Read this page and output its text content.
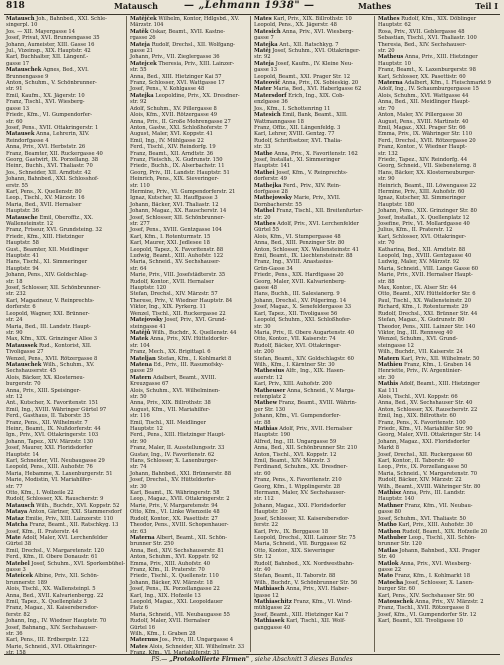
818	Matausch	— „Lehmann 1938" —	Mathes	Teil I
Matausch Joh., Bahnbed., XXI. Schle-
singerpl. 10
Jos. — XII. Mayergasse 14
Josef, Privat, XVI. Brunnengasse 35
Johann, Aumeister, XIII. Gasse 16
Jul., Vizeinsp., XIX. Hauptstr. 42
Karl, Buchhalter, XII. Längenf.-
gasse 17
Matauschek Agnes, Bed., XVI.
Brunnengasse 9
Anton, Schuhm., V. Schönbrunner-
str. 91
Emil, Kaufm., XX. Jägerstr. 10
Franz, Tischl., XVI. Wiesberg-
gasse 13
Friedr., Kfm., VI. Gumpendorfer-
str. 60
Josef, Pens., XVII. Ottakringerstr. 1
Matausek Anna, Lehrerin, XIV.
Reindorfgasse 4
Anna, Priv., XVI. Herbststr. 26
Franz, Beamter, XII. Ruckergasse 40
Georg, Gastwirt, IX. Porzellang. 38
Heinr., Buchh., XVI. Thaliastr. 70
Jos., Schneider, XII. Arndtstr. 42
Johann, Bahnbed., XXI. Schlosshof-
erstr. 55
Karl, Pens., X. Quellenstr. 80
Leop., Tischl., XV. Märzstr. 16
Maria, Bed., XVII. Hernalser
Hauptstr. 36
Matausche Emil, Oberoffiz., XX.
Wallensteinstr. 12
Franz, Friseur, XVI. Grundsteing. 32
Friedr., Kfm., XIII. Hietzinger
Hauptstr. 58
Gust., Beamter, XII. Meidlinger
Hauptstr. 41
Hans, Tischl., XI. Simmeringer
Hauptstr. 94
Johann, Pens., XIV. Goldschlag-
str. 18
Josef, Schlosser, XII. Schönbrunner-
str. 232
Karl, Magazineur, V. Reinprechts-
dorferstr. 6
Leopold, Wagner, XXI. Brünner-
str. 24
Maria, Bed., III. Landstr. Haupt-
str. 90
Max, Kfm., XIX. Grinzinger Allee 3
Mataussek Rud., Kontorist, XII.
Tivoligasse 27
Wenzel, Pens., XVII. Rötzergasse 8
Matauschek Wilh., Schuhm., XV.
Sechshauserstr. 45
Alois, Bäcker, XX. Klosterneu-
burgerstr. 70
Anna, Priv., XIII. Speisinger-
str. 12
Ant., Kutscher, X. Favoritenstr. 151
Emil, Ing., XVIII. Währinger Gürtel 97
Ferd., Gasthaus, II. Taborstr. 35
Franz, Pens., XII. Wilhelmstr. 7
Heinr., Beamt., IX. Nußdorferstr. 44
Ign., Priv., XVI. Ottakringerstr. 103
Johann, Tapez., XIV. Märzstr. 130
Josef, Maurer, XXI. Floridsdorfer
Hauptstr. 14
Karl, Schneider, VII. Neubaugasse 29
Leopold, Pens., XIII. Auhofstr. 76
Maria, Hebamme, X. Laxenburgerstr. 51
Marie, Modistin, VI. Mariahilfer-
str. 77
Otto, Kfm., I. Wollzeile 22
Rudolf, Schlosser, XX. Rauscherstr. 9
Matausch Wilh., Buchdr., XVI. Koppstr. 52
Mataya Anton, Gärtner, XXI. Stammersdorf
Mataz Emilie, Priv., XIII. Lainzerstr. 110
Matcha Franz, Beamt., XII. Ratschkyg. 13
Josef, Kfm., II. Praterstr. 44
Mate Adolf, Maler, XVI. Lerchenfelder
Gürtel 38
Emil, Drechsl., V. Margaretenstr. 120
Ferd., Kfm., II. Obere Donaustr. 61
Matebel Josef, Schuhm., XVI. Sporkenbühel-
gasse 3
Mateicek Albine, Priv., XII. Schön-
brunnerstr. 189
Alois, Tischl., XX. Wallensteinpl. 5
Anna, Bed., XVII. Kalvarienbergg. 22
Emil, Tapez., X. Quellenplatz 3
Franz, Magaz., XI. Kaiserebersdor-
ferstr. 82
Johann, Ing., IV. Wiedner Hauptstr. 70
Josef, Bahnang., XIV. Sechshauser-
str. 36
Karl, Pens., III. Erdbergstr. 122
Marie, Schneid., XVI. Ottakringer-
str. 158
Matějček Wilhelm, Kontor, Hdlgsbd., XV.
Märzstr. 104
Matěk Oskar, Beamt., XVII. Kastne-
rgasse 26
Mateja Rudolf, Drechsl., XII. Wolfgang-
gasse 21
Johann, Priv., VII. Zieglergasse 36
Matejcek Theresia, Priv., XIII. Lainzer-
str. 55
Anna, Bed., XIII. Hietzinger Kai 57
Franz, Schlosser, XVI. Wattgasse 17
Josef, Pens., V. Kohlgasse 48
Matejka Leopoldine, Priv., XX. Dresdner-
str. 92
Adolf, Schuhm., XV. Pillergasse 8
Alois, Kfm., XVII. Rötzergasse 49
Anna, Priv., II. Große Mohrengasse 27
Anton, Gastw., XXI. Schloßhoferstr. 7
August, Maler, XVI. Koppstr. 41
Emil, Ing., IV. Mühlgasse 22
Ferd., Tischl., XIV. Reindorfg. 19
Franz, Beamt., XII. Arndtstr. 36
Franz, Fleischh., X. Gudrunstr. 150
Friedr., Buchh., IX. Alserbachstr. 11
Georg, Priv., III. Landstr. Hauptstr. 51
Heinrich, Pens., XIX. Sieveringer-
str. 110
Hermine, Priv., VI. Gumpendorferstr. 21
Ignaz, Kutscher, XI. Hauffgasse 3
Johann, Bäcker, XVI. Thaliastr. 12
Johann, Magaz., XX. Rauscherstr. 14
Josef, Schlosser, XII. Schönbrunner-
str. 277
Josef, Pens., XVIII. Gentzgasse 104
Karl, Kfm., I. Rotenturmstr. 15
Karl, Maurer, XXI. Jedlesee 18
Leopold, Tapez., X. Favoritenstr. 88
Ludwig, Beamt., XIII. Auhofstr. 122
Maria, Schneid., XV. Sechshauser-
str. 64
Marie, Priv., VIII. Josefstädterstr. 35
Rudolf, Kontor., XVII. Hernalser
Hauptstr. 120
Stefan, Drechsl., XIV. Märzstr. 57
Therese, Priv., V. Wiedner Hauptstr. 84
Viktor, Ing., XIX. Pyrkerg. 11
Wenzel, Tischl., XII. Ruckergasse 22
Matejovsky Josef, Priv., XVI. Grund-
steingasse 41
Matějů Wilh., Buchdr., X. Quellenstr. 44
Matek Anna, Priv., XIV. Hütteldorfer-
str. 104
Franz, Mech., XX. Brigittapl. 6
Mateljan Stefan, Kfm., I. Kohlmarkt 8
Matena Ed., Priv., III. Rasumofsky-
gasse 29
Matern Adalbert, Beamt., XVIII.
Kreuzgasse 67
Alois, Schuhm., XVI. Wilhelminen-
str. 50
Anna, Priv., XIX. Billrothstr. 38
August, Kfm., VII. Mariahilfer-
str. 116
Emil, Tischl., XII. Meidlinger
Hauptstr. 12
Ferd., Pens., XIII. Hietzinger Haupt-
str. 90
Franz, Maler, II. Ausstellungsstr. 33
Gustav, Ing., IV. Favoritenstr. 62
Hans, Schlosser, X. Laxenburger-
str. 74
Johann, Bahnbed., XXI. Brünnerstr. 88
Josef, Drechsl., XV. Hütteldorfer-
str. 30
Karl, Beamt., IX. Währingerstr. 58
Leop., Magaz., XVII. Ottakringerstr. 2
Marie, Priv., V. Margaretenstr. 94
Otto, Kfm., VI. Linke Wienzeile 48
Rudolf, Kontor., XX. Pasettistr. 27
Theodor, Pens., XVIII. Schopenhauer-
str. 63
Materna Albert, Beamt., XII. Schön-
brunner Str. 250
Anna, Bed., XIV. Sechshauserstr. 81
Anton, Schuhm., XVI. Koppstr. 92
Emma, Priv., XIII. Auhofstr. 40
Franz, Kfm., II. Praterstr. 70
Friedr., Tischl., X. Quellenstr. 110
Johann, Bäcker, XV. Märzstr. 18
Josef, Pens., IX. Porzellangasse 22
Karl, Ing., XIX. Hofzeile 13
Leopold, Magaz., XXI. Leopoldauer
Platz 6
Maria, Schneid., VII. Neubaugasse 55
Rudolf, Maler, XVII. Hernalser
Gürtel 16
Wilh., Kfm., I. Graben 28
Maternus Jos., Priv., III. Ungargasse 4
Mates Alois, Schneider, XII. Wilhelmstr. 33
Franz, Kfm., VI. Mariahilferstr. 31
Mates Karl, Priv., XIX. Billrothstr. 10
Leopold, Pens., XX. Jägerstr. 48
Matesich Anna, Priv., XVI. Wiesberg-
gasse 7
Matejka Ant., XII. Ratschkyg. 7
Matěj Josef, Schuhm., XVI. Ottakringer-
str. 92
Mateja Josef, Kaufm., IV. Kleine Neu-
gasse 13
Leopold, Beamt., XXI. Prager Str. 12
Mateovič Anna, Priv., IX. Sobieskig. 20
Mater Maria, Bed., XVI. Haberlgasse 62
Matersdorf Erich, Ing., XIX. Cob-
enzlgasse 36
Jos., Kfm., I. Schottenring 11
Matesich Emil, Bank, Beamt., XIII.
Wattmanngasse 18
Franz, Offiz., XII. Längenfeldg. 3
Karl, Lehrer, XVIII. Gentzg. 77
Rudolf, Schriftsetzer, XVI. Thalia-
str. 33
Mathe Anna, Priv., X. Favoritenstr. 162
Josef, Installat., XI. Simmeringer
Hauptstr. 141
Mathei Josef, Kfm., V. Reinprechts-
dorferstr. 49
Mathejka Ferd., Priv., XIV. Rein-
dorfgasse 28
Mathejowsky Marie, Priv., XVII.
Dornbacherstr. 55
Mathel Franz, Tischl., XII. Breitenfurter-
str. 20
Mathes Adolf, Priv., XVI. Lerchenfelder
Gürtel 55
Alois, Kfm., VI. Stumpergasse 48
Anna, Bed., XIII. Penzinger Str. 80
Anton, Schlosser, XX. Wallensteinstr. 41
Emil, Beamt., IX. Liechtensteinstr. 88
Franz, Ing., XVIII. Anastasius-
Grün-Gasse 34
Friedr., Pens., XIX. Hardtgasse 20
Georg, Maler, XVII. Kalvarienberg-
gasse 48
Hans, Buchh., III. Salesianerg. 9
Johann, Drechsl., XV. Pilgerimg. 14
Josef, Magaz., X. Senefeldergasse 33
Karl, Tapez., XII. Tivoligasse 56
Leopold, Schuhm., XXI. Schloßhofer-
str. 30
Maria, Priv., II. Obere Augartenstr. 40
Otto, Kontor., VII. Kaiserstr. 74
Rudolf, Bäcker, XVI. Ottakringer-
str. 200
Stefan, Beamt., XIV. Goldschlagstr. 60
Wilh., Kfm., I. Kärntner Str. 30
Mathesius Alfr., Ing., XIX. Hasen-
auerstr. 12
Karl, Priv., XIII. Auhofstr. 200
Matheuser Anna, Schneid., V. Marga-
retenplatz 2
Mathew Franz, Beamt., XVIII. Währin-
ger Str. 130
Johann, Kfm., VI. Gumpendorfer-
str. 88
Mathias Adolf, Priv., XVII. Hernalser
Hauptstr. 190
Alfred, Ing., III. Ungargasse 59
Anna, Bed., XII. Schönbrunner Str. 210
Anton, Tischl., XVI. Koppstr. 12
Emil, Beamt., XIV. Märzstr. 3
Ferdinand, Schuhm., XX. Dresdner-
str. 60
Franz, Pens., X. Favoritenstr. 210
Georg, Kfm., I. Wipplingerstr. 28
Hermann, Maler, XV. Sechshauser-
str. 112
Johann, Magaz., XXI. Floridsdorfer
Hauptstr. 30
Josef, Schlosser, XI. Kaiserebersdor-
ferstr. 22
Karl, Priv., IX. Berggasse 18
Leopold, Drechsl., XIII. Lainzer Str. 75
Maria, Schneid., VII. Burggasse 62
Otto, Kontor., XIX. Sieveringer
Str. 12
Rudolf, Bahnbed., XX. Nordwestbahn-
str. 40
Stefan, Beamt., II. Taborstr. 88
Wilh., Buchdr., V. Schönbrunner Str. 56
Mathiasch Anna, Priv., XVI. Haber-
lgasse 12
Mathiaschitz Franz, Kfm., VI. Wind-
mühlgasse 22
Josef, Beamt., XIII. Hietzinger Kai 7
Mathiasek Karl, Tischl., XII. Wolf-
ganggasse 40
Mathes Rudolf, Kfm., XIX. Döblinger
Hauptstr. 62
Rosa, Priv., XVII. Geblergasse 48
Sebastian, Tischl., XVI. Thaliastr. 100
Theresia, Bed., XIV. Sechshauser-
str. 20
Matheus Anna, Priv., XIII. Hietzinger
Hauptstr. 10
Franz, Beamt., X. Laxenburgerstr. 98
Karl, Schlosser, XX. Pasettistr. 60
Materna Adalbert, Kfm., I. Fleischmarkt 9
Adolf, Ing., IV. Schaumburgergasse 15
Alois, Schuhm., XVI. Wattgasse 44
Anna, Bed., XII. Meidlinger Haupt-
str. 70
Anton, Maler, XV. Pillergasse 30
August, Pens., XVIII. Martinstr. 40
Emil, Magaz., XXI. Prager Str. 66
Emma, Priv., IX. Währinger Str. 110
Ferd., Drechsl., XVII. Rötzergasse 20
Franz, Kontor., V. Wiedner Haupt-
str. 132
Friedr., Tapez., XIV. Reindorfg. 44
Georg, Schneid., VII. Siebensterng. 8
Hans, Bäcker, XX. Klosterneuburger-
str. 90
Heinrich, Beamt., III. Löwengasse 22
Hermine, Priv., XIII. Auhofstr. 60
Ignaz, Kutscher, XI. Simmeringer
Hauptstr. 180
Johann, Pens., XIX. Grinzinger Str. 80
Josef, Installat., X. Quellenplatz 12
Josefine, Priv., VI. Mollardgasse 40
Julius, Kfm., II. Praterstr. 12
Karl, Schlosser, XVI. Ottakringer-
str. 70
Katharina, Bed., XII. Arndtstr. 88
Leopold, Ing., XVIII. Gentzgasse 40
Ludwig, Maler, XV. Märzstr. 92
Maria, Schneid., VIII. Lange Gasse 60
Marie, Priv., XVII. Hernalser Haupt-
str. 88
Max, Kontor., IX. Alser Str. 44
Otto, Beamt., XIV. Hütteldorfer Str. 6
Paul, Tischl., XX. Wallensteinstr. 20
Richard, Kfm., I. Rotenturmstr. 29
Rudolf, Drechsl., XXI. Brünner Str. 44
Stefan, Magaz., X. Gudrunstr. 80
Theodor, Pens., XIII. Lainzer Str. 140
Viktor, Ing., III. Rennweg 40
Wenzel, Schuhm., XVI. Grund-
steingasse 12
Wilh., Buchdr., VII. Kaiserstr. 24
Matern Karl, Priv., XII. Wilhelmstr. 50
Mathieu Franz, Kfm., I. Graben 14
Henriette, Priv., IV. Argentinier-
str. 30
Mathis Adolf, Beamt., XIII. Hietzinger
Kai 111
Alois, Tischl., XVI. Koppstr. 66
Anna, Bed., XV. Sechshauser Str. 40
Anton, Schlosser, XX. Rauscherstr. 22
Emil, Ing., XIX. Billrothstr. 60
Franz, Pens., X. Favoritenstr. 100
Friedr., Kfm., VI. Mariahilfer Str. 90
Georg, Maler, XVII. Ottakringer Str. 14
Johann, Magaz., XXI. Floridsdorfer
Markt 8
Josef, Drechsl., XII. Ruckergasse 60
Karl, Kontor., II. Taborstr. 40
Leop., Priv., IX. Porzellangasse 50
Maria, Schneid., V. Margaretenstr. 70
Rudolf, Bäcker, XIV. Märzstr. 22
Wilh., Beamt., XVIII. Währinger Str. 80
Mathisz Anna, Priv., III. Landstr.
Hauptstr. 140
Mathner Franz, Kfm., VII. Neubau-
gasse 80
Josef, Schuhm., XVI. Thaliastr. 50
Matho Karl, Priv., XIII. Auhofstr. 30
Mathon Rudolf, Beamt., XIX. Hofzeile 20
Mathuber Leop., Tischl., XII. Schön-
brunner Str. 120
Matlas Johann, Bahnbed., XXI. Prager
Str. 40
Matlok Anna, Priv., XVI. Wiesberg-
gasse 22
Mato Franz, Kfm., I. Kohlmarkt 18
Matocha Josef, Schlosser, X. Laxen-
burger Str. 60
Karl, Pens., XIV. Sechshauser Str. 90
Matouschek Anna, Priv., XV. Märzstr. 2
Franz, Tischl., XVII. Rötzergasse 8
Josef, Kfm., VI. Gumpendorfer Str. 12
Karl, Beamt., XII. Tivoligasse 10
PS.— „Protokollierte Firmen" , siehe Abschnitt 3 dieses Bandes
